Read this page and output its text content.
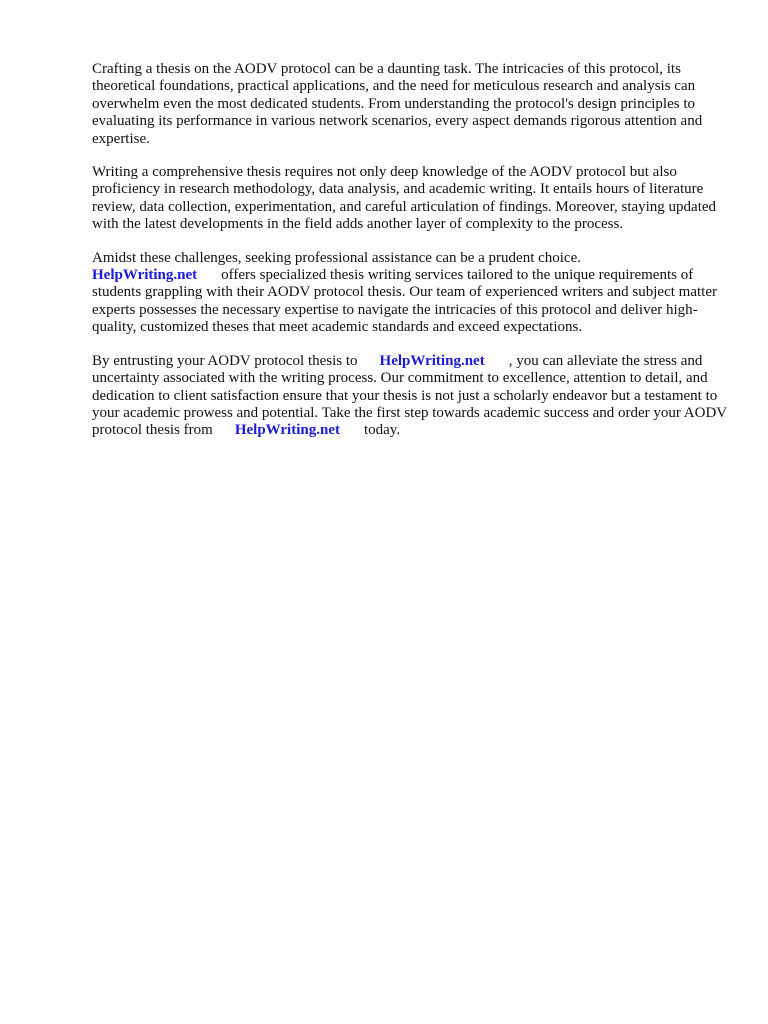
Crafting a thesis on the AODV protocol can be a daunting task. The intricacies of this protocol, its theoretical foundations, practical applications, and the need for meticulous research and analysis can overwhelm even the most dedicated students. From understanding the protocol's design principles to evaluating its performance in various network scenarios, every aspect demands rigorous attention and expertise.

Writing a comprehensive thesis requires not only deep knowledge of the AODV protocol but also proficiency in research methodology, data analysis, and academic writing. It entails hours of literature review, data collection, experimentation, and careful articulation of findings. Moreover, staying updated with the latest developments in the field adds another layer of complexity to the process.

Amidst these challenges, seeking professional assistance can be a prudent choice.
HelpWriting.net offers specialized thesis writing services tailored to the unique requirements of students grappling with their AODV protocol thesis. Our team of experienced writers and subject matter experts possesses the necessary expertise to navigate the intricacies of this protocol and deliver high-quality, customized theses that meet academic standards and exceed expectations.

By entrusting your AODV protocol thesis to HelpWriting.net , you can alleviate the stress and uncertainty associated with the writing process. Our commitment to excellence, attention to detail, and dedication to client satisfaction ensure that your thesis is not just a scholarly endeavor but a testament to your academic prowess and potential. Take the first step towards academic success and order your AODV protocol thesis from HelpWriting.net today.
